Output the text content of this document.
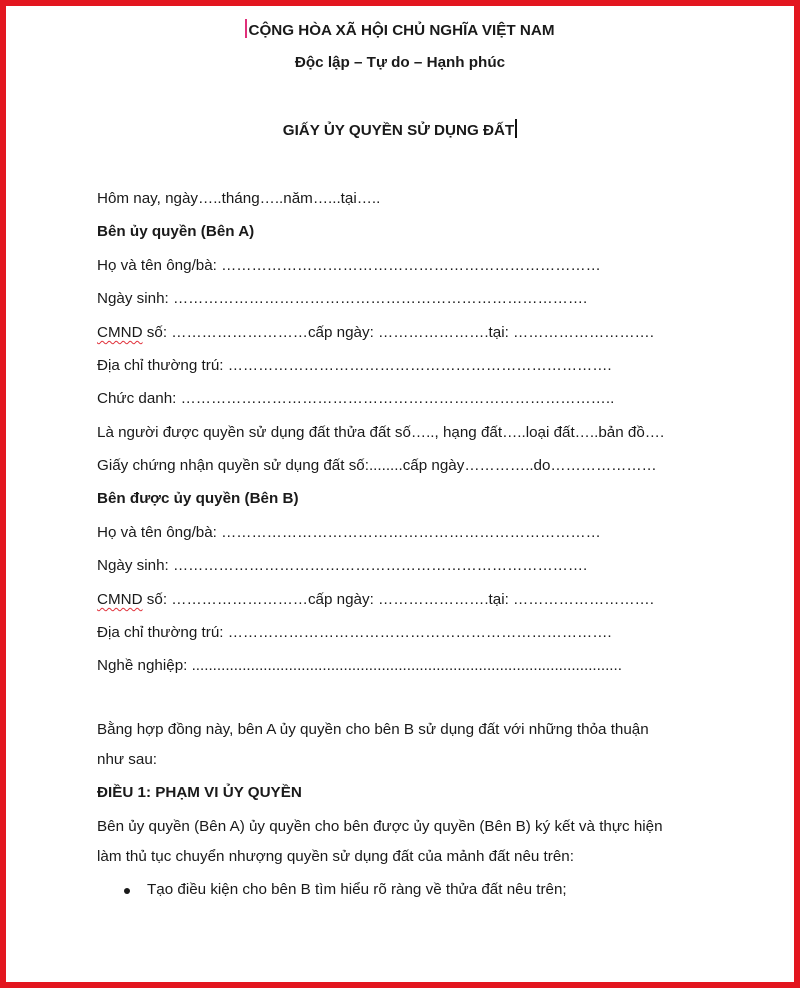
CỘNG HÒA XÃ HỘI CHỦ NGHĨA VIỆT NAM
Độc lập – Tự do – Hạnh phúc
GIẤY ỦY QUYỀN SỬ DỤNG ĐẤT
Hôm nay, ngày…..tháng…..năm…...tại…..
Bên ủy quyền (Bên A)
Họ và tên ông/bà: …………………………………………………………………
Ngày sinh: ……………………………………………………………………….
CMND số: ………………………cấp ngày: ………………….tại: ……………………….
Địa chỉ thường trú: ………………………………………………………………….
Chức danh: …………………………………………………………………………..
Là người được quyền sử dụng đất thửa đất số….., hạng đất…..loại đất…..bản đồ….
Giấy chứng nhận quyền sử dụng đất số:........cấp ngày…………..do…………………
Bên được ủy quyền (Bên B)
Họ và tên ông/bà: …………………………………………………………………
Ngày sinh: ……………………………………………………………………….
CMND số: ………………………cấp ngày: ………………….tại: ……………………….
Địa chỉ thường trú: ………………………………………………………………….
Nghề nghiệp: ......................................................................................................
Bằng hợp đồng này, bên A ủy quyền cho bên B sử dụng đất với những thỏa thuận
như sau:
ĐIỀU 1: PHẠM VI ỦY QUYỀN
Bên ủy quyền (Bên A) ủy quyền cho bên được ủy quyền (Bên B) ký kết và thực hiện
làm thủ tục chuyển nhượng quyền sử dụng đất của mảnh đất nêu trên:
Tạo điều kiện cho bên B tìm hiểu rõ ràng về thửa đất nêu trên;
